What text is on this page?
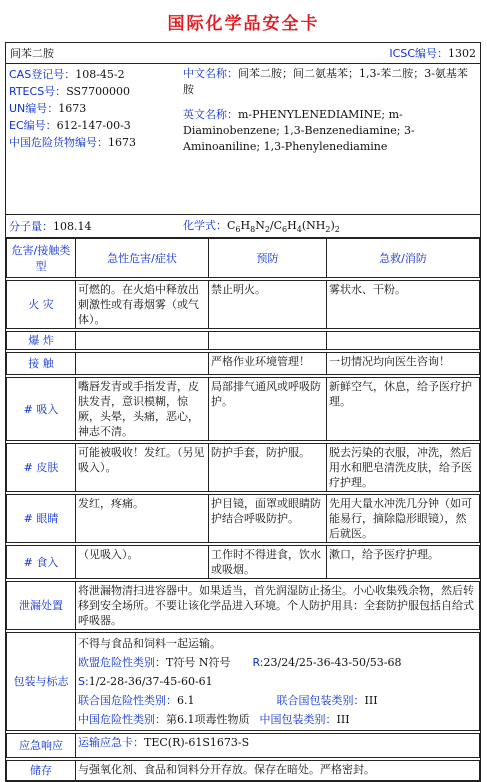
国际化学品安全卡
间苯二胺	ICSC编号：1302
CAS登记号：108-45-2
RTECS号：SS7700000
UN编号：1673
EC编号：612-147-00-3
中国危险货物编号：1673
中文名称：间苯二胺；间二氨基苯；1,3-苯二胺；3-氨基苯胺
英文名称：m-PHENYLENEDIAMINE; m-Diaminobenzene; 1,3-Benzenediamine; 3-Aminoaniline; 1,3-Phenylenediamine
分子量：108.14	化学式：$C_6H_8N_2/C_6H_4(NH_2)_2$
危害/接触类型	急性危害/症状	预防	急救/消防

火 灾	可燃的。在火焰中释放出刺激性或有毒烟雾（或气体）。	禁止明火。	雾状水、干粉。

爆 炸			

接 触		严格作业环境管理！	一切情况均向医生咨询！

# 吸入	嘴唇发青或手指发青，皮肤发青，意识模糊，惊厥，头晕，头痛，恶心，神志不清。	局部排气通风或呼吸防护。	新鲜空气，休息，给予医疗护理。

# 皮肤	可能被吸收！发红。（另见吸入）。	防护手套，防护服。	脱去污染的衣服，冲洗，然后用水和肥皂清洗皮肤，给予医疗护理。

# 眼睛	发红，疼痛。	护目镜，面罩或眼睛防护结合呼吸防护。	先用大量水冲洗几分钟（如可能易行，摘除隐形眼镜），然后就医。

# 食入	（见吸入）。	工作时不得进食，饮水或吸烟。	漱口，给予医疗护理。

泄漏处置	将泄漏物清扫进容器中。如果适当，首先润湿防止扬尘。小心收集残余物，然后转移到安全场所。不要让该化学品进入环境。个人防护用具：全套防护服包括自给式呼吸器。		

包装与标志	不得与食品和饲料一起运输。
欧盟危险性类别：T符号 N符号 R:23/24/25-36-43-50/53-68
S:1/2-28-36/37-45-60-61
联合国危险性类别：6.1 联合国包装类别：III
中国危险性类别：第6.1项毒性物质 中国包装类别：III		

应急响应	运输应急卡：TEC(R)-61S1673-S		

储存	与强氧化剂、食品和饲料分开存放。保存在暗处。严格密封。		
